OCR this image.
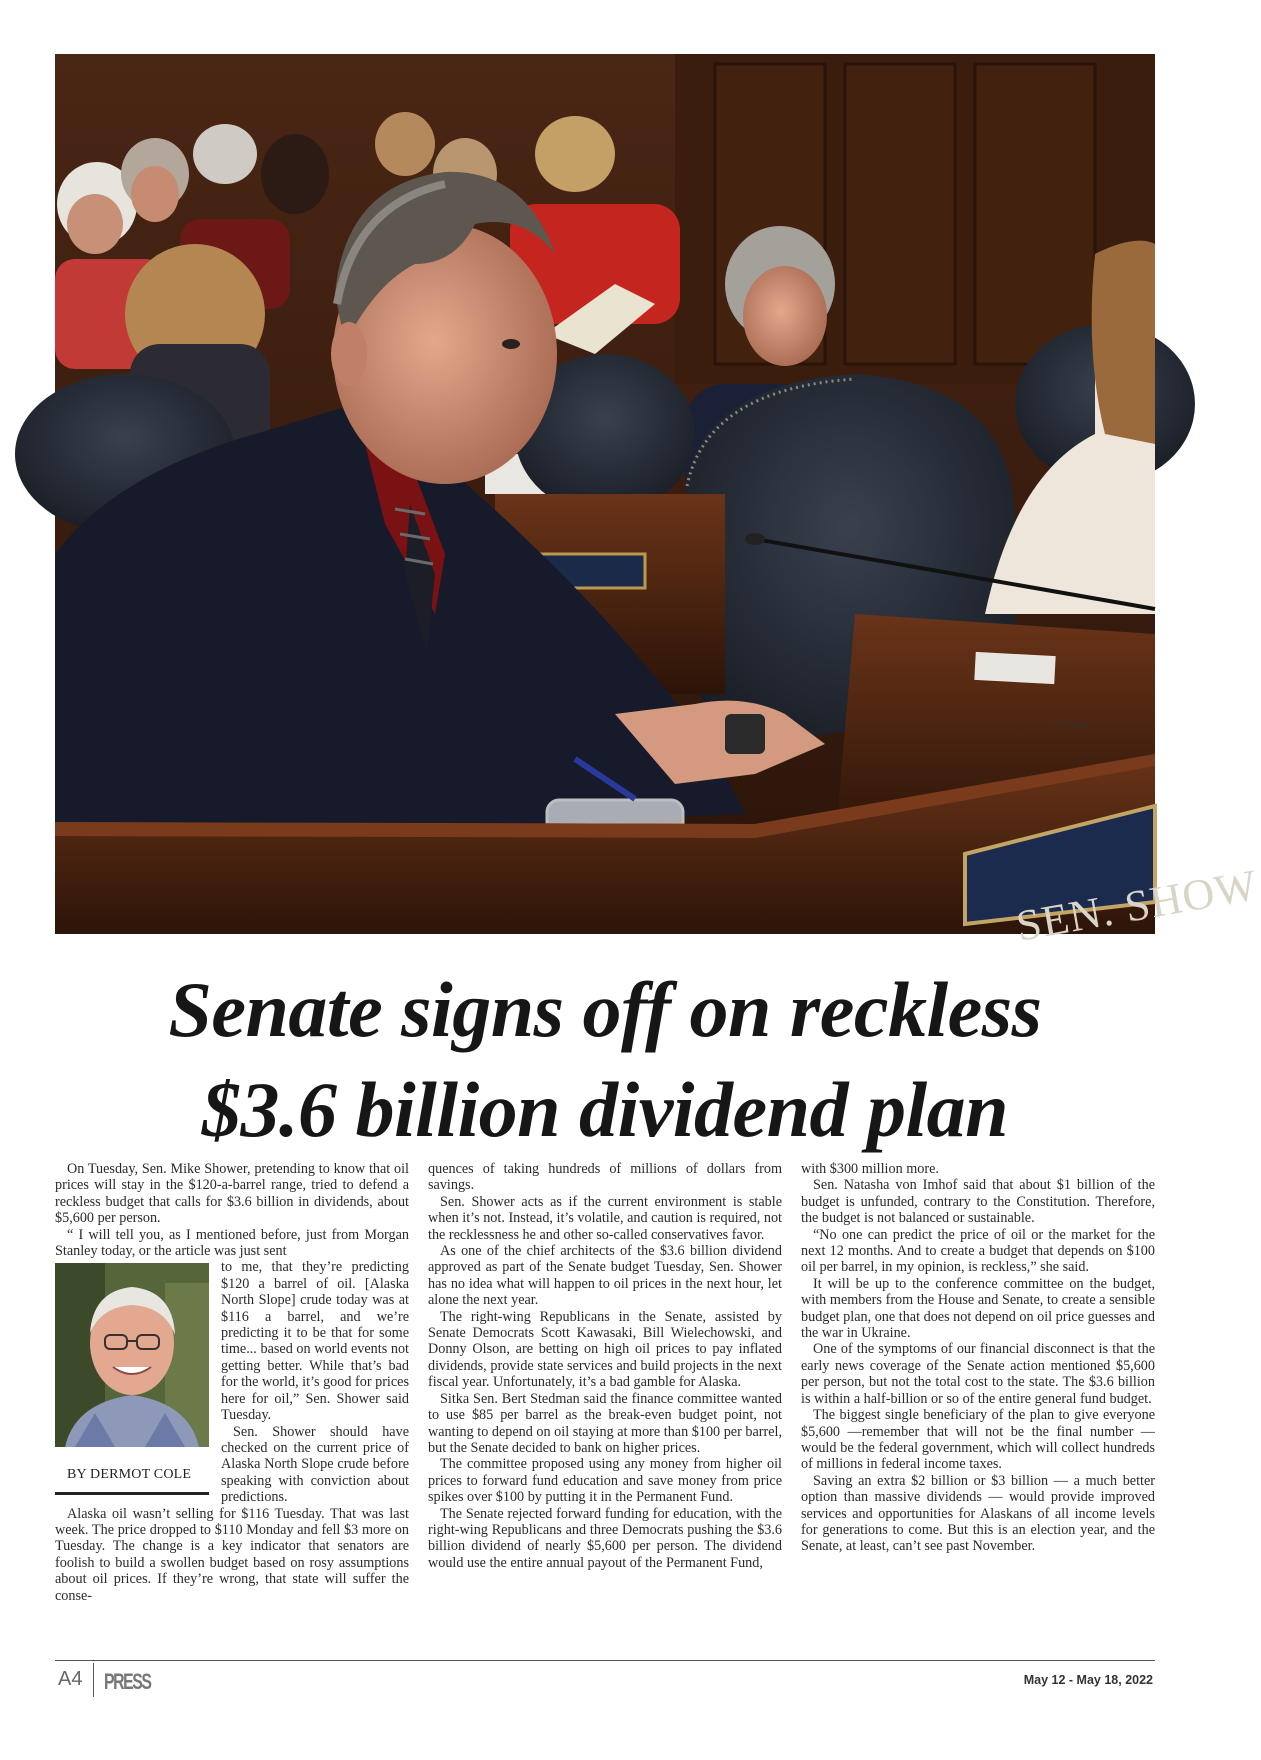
SEN. SHOW
DISPOSE
Senate signs off on reckless
$3.6 billion dividend plan

On Tuesday, Sen. Mike Shower, pretending to know that oil prices will stay in the $120-a-barrel range, tried to defend a reckless budget that calls for $3.6 billion in dividends, about $5,600 per person.

“ I will tell you, as I mentioned before, just from Morgan Stanley today, or the article was just sent

BY DERMOT COLE

to me, that they’re predicting $120 a barrel of oil. [Alaska North Slope] crude today was at $116 a barrel, and we’re predicting it to be that for some time... based on world events not getting better. While that’s bad for the world, it’s good for prices here for oil,” Sen. Shower said Tuesday.

Sen. Shower should have checked on the current price of Alaska North Slope crude before speaking with conviction about predictions.

Alaska oil wasn’t selling for $116 Tuesday. That was last week. The price dropped to $110 Monday and fell $3 more on Tuesday. The change is a key indicator that senators are foolish to build a swollen budget based on rosy assumptions about oil prices. If they’re wrong, that state will suffer the conse-

quences of taking hundreds of millions of dollars from savings.

Sen. Shower acts as if the current environment is stable when it’s not. Instead, it’s volatile, and caution is required, not the recklessness he and other so-called conservatives favor.

As one of the chief architects of the $3.6 billion dividend approved as part of the Senate budget Tuesday, Sen. Shower has no idea what will happen to oil prices in the next hour, let alone the next year.

The right-wing Republicans in the Senate, assisted by Senate Democrats Scott Kawasaki, Bill Wielechowski, and Donny Olson, are betting on high oil prices to pay inflated dividends, provide state services and build projects in the next fiscal year. Unfortunately, it’s a bad gamble for Alaska.

Sitka Sen. Bert Stedman said the finance committee wanted to use $85 per barrel as the break-even budget point, not wanting to depend on oil staying at more than $100 per barrel, but the Senate decided to bank on higher prices.

The committee proposed using any money from higher oil prices to forward fund education and save money from price spikes over $100 by putting it in the Permanent Fund.

The Senate rejected forward funding for education, with the right-wing Republicans and three Democrats pushing the $3.6 billion dividend of nearly $5,600 per person. The dividend would use the entire annual payout of the Permanent Fund,

with $300 million more.

Sen. Natasha von Imhof said that about $1 billion of the budget is unfunded, contrary to the Constitution. Therefore, the budget is not balanced or sustainable.

“No one can predict the price of oil or the market for the next 12 months. And to create a budget that depends on $100 oil per barrel, in my opinion, is reckless,” she said.

It will be up to the conference committee on the budget, with members from the House and Senate, to create a sensible budget plan, one that does not depend on oil price guesses and the war in Ukraine.

One of the symptoms of our financial disconnect is that the early news coverage of the Senate action mentioned $5,600 per person, but not the total cost to the state. The $3.6 billion is within a half-billion or so of the entire general fund budget.

The biggest single beneficiary of the plan to give everyone $5,600 —remember that will not be the final number — would be the federal government, which will collect hundreds of millions in federal income taxes.

Saving an extra $2 billion or $3 billion — a much better option than massive dividends — would provide improved services and opportunities for Alaskans of all income levels for generations to come. But this is an election year, and the Senate, at least, can’t see past November.

A4 PRESS	May 12 - May 18, 2022
